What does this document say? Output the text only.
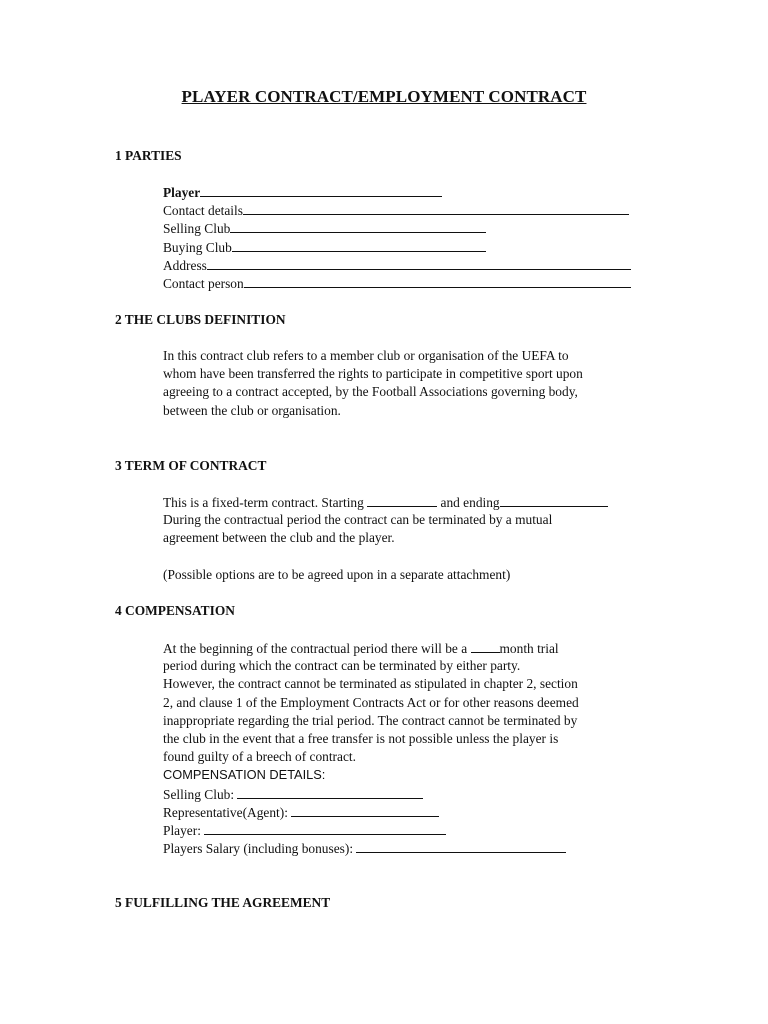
PLAYER CONTRACT/EMPLOYMENT CONTRACT
1 PARTIES
Player
Contact details
Selling Club
Buying Club
Address
Contact person
2 THE CLUBS DEFINITION
In this contract club refers to a member club or organisation of the UEFA to
whom have been transferred the rights to participate in competitive sport upon
agreeing to a contract accepted, by the Football Associations governing body,
between the club or organisation.
3 TERM OF CONTRACT
This is a fixed-term contract. Starting	and ending
During the contractual period the contract can be terminated by a mutual
agreement between the club and the player.
(Possible options are to be agreed upon in a separate attachment)
4 COMPENSATION
At the beginning of the contractual period there will be a month trial
period during which the contract can be terminated by either party.
However, the contract cannot be terminated as stipulated in chapter 2, section
2, and clause 1 of the Employment Contracts Act or for other reasons deemed
inappropriate regarding the trial period. The contract cannot be terminated by
the club in the event that a free transfer is not possible unless the player is
found guilty of a breech of contract.
COMPENSATION DETAILS:
Selling Club:
Representative(Agent):
Player:
Players Salary (including bonuses):
5 FULFILLING THE AGREEMENT
